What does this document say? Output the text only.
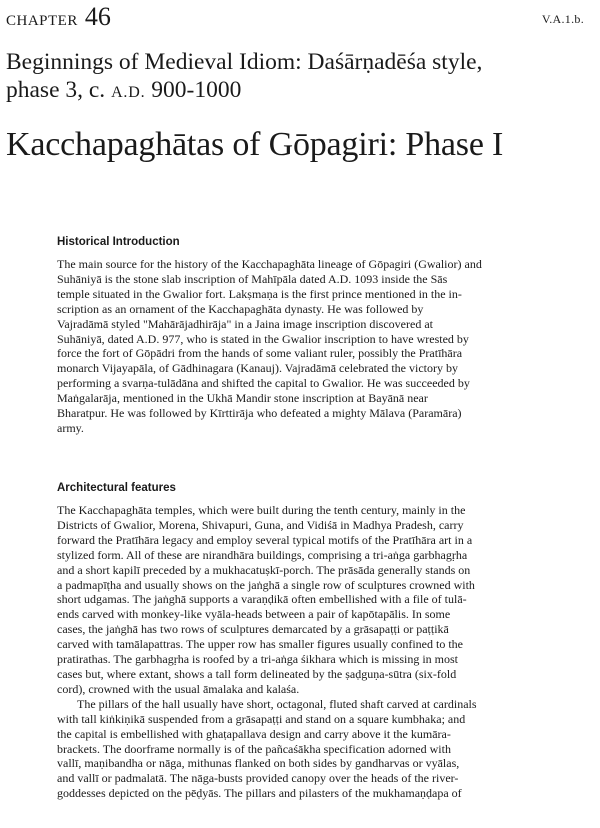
CHAPTER 46	V.A.1.b.
Beginnings of Medieval Idiom: Daśārṇadēśa style,
phase 3, c. A.D. 900-1000
Kacchapaghātas of Gōpagiri: Phase I
Historical Introduction

The main source for the history of the Kacchapaghāta lineage of Gōpagiri (Gwalior) and
Suhāniyā is the stone slab inscription of Mahīpāla dated A.D. 1093 inside the Sās
temple situated in the Gwalior fort. Lakṣmaṇa is the first prince mentioned in the in-
scription as an ornament of the Kacchapaghāta dynasty. He was followed by
Vajradāmā styled "Mahārājadhirāja" in a Jaina image inscription discovered at
Suhāniyā, dated A.D. 977, who is stated in the Gwalior inscription to have wrested by
force the fort of Gōpādri from the hands of some valiant ruler, possibly the Pratīhāra
monarch Vijayapāla, of Gādhinagara (Kanauj). Vajradāmā celebrated the victory by
performing a svarṇa-tulādāna and shifted the capital to Gwalior. He was succeeded by
Maṅgalarāja, mentioned in the Ukhā Mandir stone inscription at Bayānā near
Bharatpur. He was followed by Kīrttirāja who defeated a mighty Mālava (Paramāra)
army.

Architectural features

The Kacchapaghāta temples, which were built during the tenth century, mainly in the
Districts of Gwalior, Morena, Shivapuri, Guna, and Vidiśā in Madhya Pradesh, carry
forward the Pratīhāra legacy and employ several typical motifs of the Pratīhāra art in a
stylized form. All of these are nirandhāra buildings, comprising a tri-aṅga garbhagṛha
and a short kapilī preceded by a mukhacatuṣkī-porch. The prāsāda generally stands on
a padmapīṭha and usually shows on the jaṅghā a single row of sculptures crowned with
short udgamas. The jaṅghā supports a varaṇḍikā often embellished with a file of tulā-
ends carved with monkey-like vyāla-heads between a pair of kapōtapālis. In some
cases, the jaṅghā has two rows of sculptures demarcated by a grāsapaṭṭi or paṭṭikā
carved with tamālapattras. The upper row has smaller figures usually confined to the
pratirathas. The garbhagṛha is roofed by a tri-aṅga śikhara which is missing in most
cases but, where extant, shows a tall form delineated by the ṣaḍguṇa-sūtra (six-fold
cord), crowned with the usual āmalaka and kalaśa.
The pillars of the hall usually have short, octagonal, fluted shaft carved at cardinals
with tall kiṅkiṇikā suspended from a grāsapaṭṭi and stand on a square kumbhaka; and
the capital is embellished with ghaṭapallava design and carry above it the kumāra-
brackets. The doorframe normally is of the pañcaśākha specification adorned with
vallī, maṇibandha or nāga, mithunas flanked on both sides by gandharvas or vyālas,
and vallī or padmalatā. The nāga-busts provided canopy over the heads of the river-
goddesses depicted on the pēḍyās. The pillars and pilasters of the mukhamaṇḍapa of
